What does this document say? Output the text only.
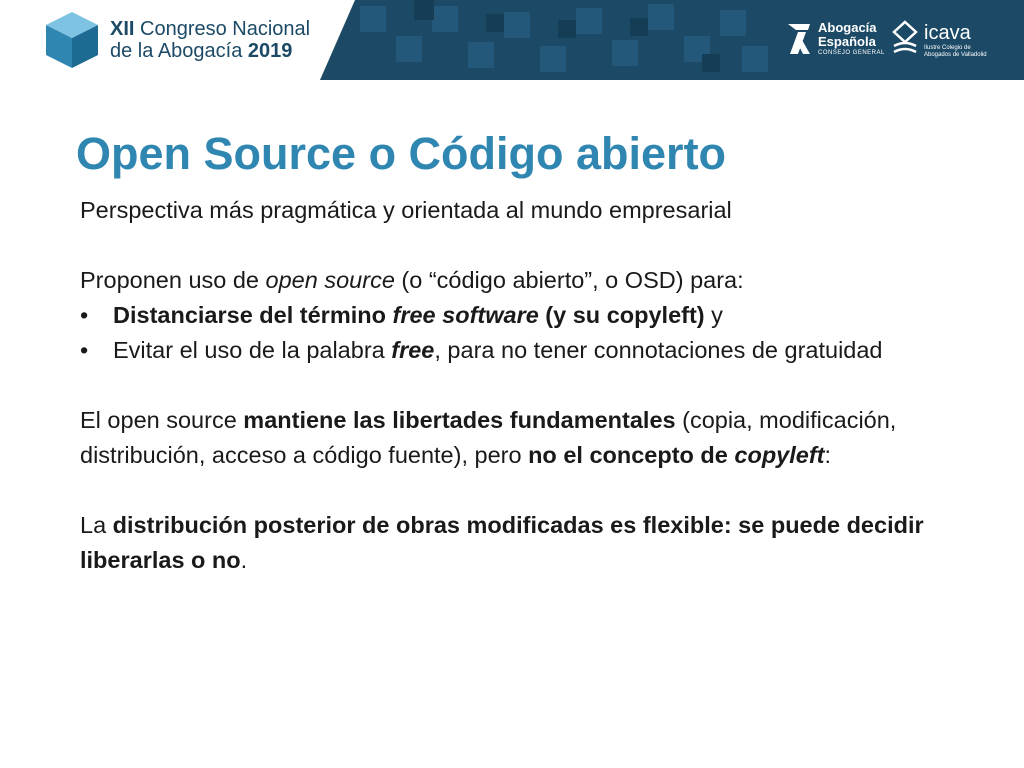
XII Congreso Nacional
de la Abogacía 2019
Abogacía
Española
CONSEJO GENERAL
icava
Ilustre Colegio de
Abogados de Valladolid
Open Source o Código abierto

Perspectiva más pragmática y orientada al mundo empresarial

Proponen uso de open source (o “código abierto”, o OSD) para:

• Distanciarse del término free software (y su copyleft) y

• Evitar el uso de la palabra free, para no tener connotaciones de gratuidad

El open source mantiene las libertades fundamentales (copia, modificación, distribución, acceso a código fuente), pero no el concepto de copyleft:

La distribución posterior de obras modificadas es flexible: se puede decidir liberarlas o no.
